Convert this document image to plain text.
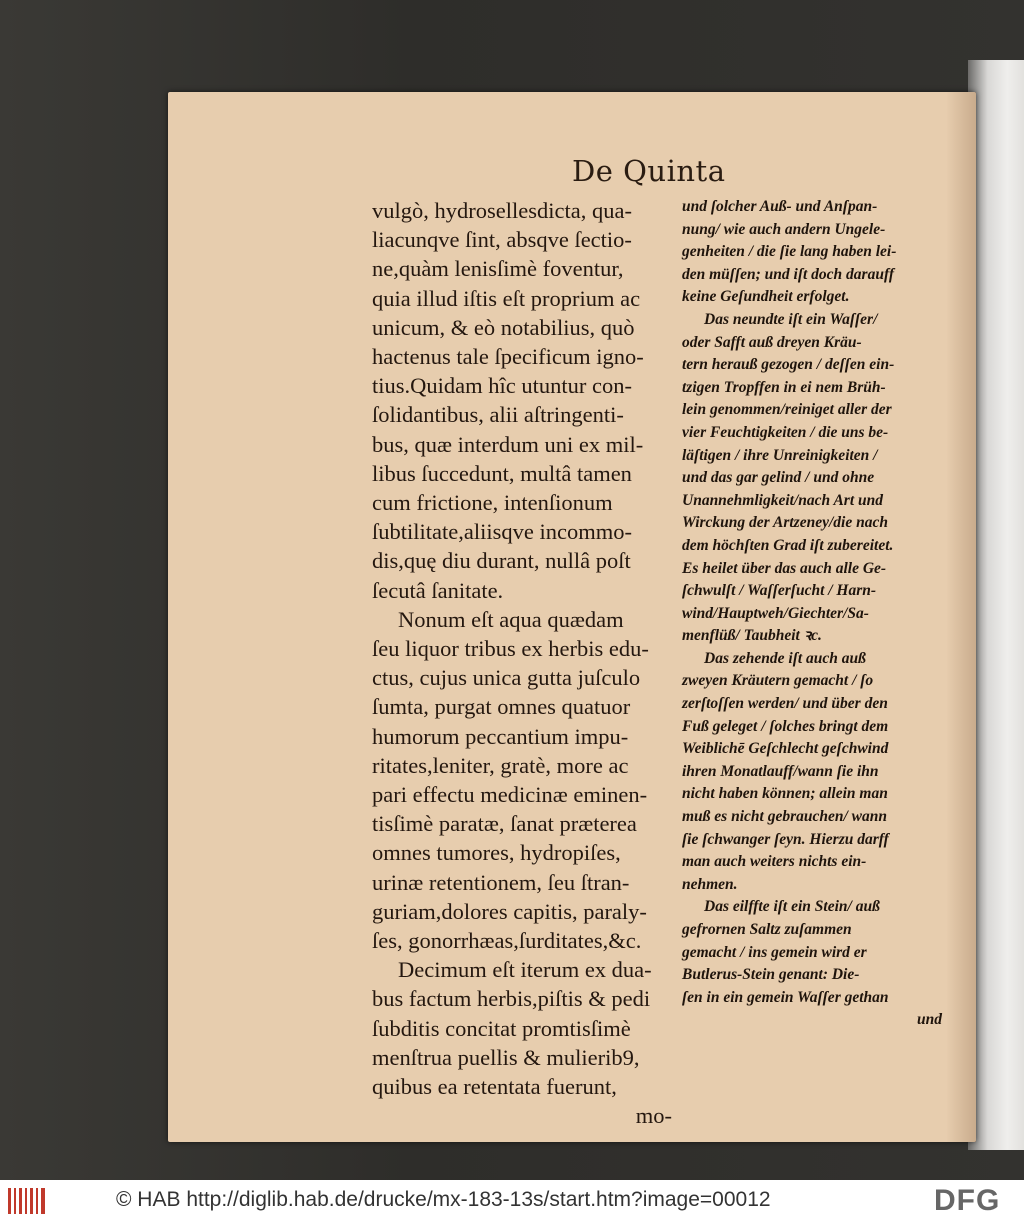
De Quinta
vulgò, hydrosellesdicta, qua-
liacunqve ſint, absqve ſectio-
ne,quàm lenisſimè foventur,
quia illud iſtis eſt proprium ac
unicum, & eò notabilius, quò
hactenus tale ſpecificum igno-
tius.Quidam hîc utuntur con-
ſolidantibus, alii aſtringenti-
bus, quæ interdum uni ex mil-
libus ſuccedunt, multâ tamen
cum frictione, intenſionum
ſubtilitate,aliisqve incommo-
dis,quę diu durant, nullâ poſt
ſecutâ ſanitate.
Nonum eſt aqua quædam
ſeu liquor tribus ex herbis edu-
ctus, cujus unica gutta juſculo
ſumta, purgat omnes quatuor
humorum peccantium impu-
ritates,leniter, gratè, more ac
pari effectu medicinæ eminen-
tisſimè paratæ, ſanat præterea
omnes tumores, hydropiſes,
urinæ retentionem, ſeu ſtran-
guriam,dolores capitis, paraly-
ſes, gonorrhæas,ſurditates,&c.
Decimum eſt iterum ex dua-
bus factum herbis,piſtis & pedi
ſubditis concitat promtisſimè
menſtrua puellis & mulierib9,
quibus ea retentata fuerunt,
mo-
und ſolcher Auß- und Anſpan-
nung/ wie auch andern Ungele-
genheiten / die ſie lang haben lei-
den müſſen; und iſt doch darauff
keine Geſundheit erfolget.
Das neundte iſt ein Waſſer/
oder Safft auß dreyen Kräu-
tern herauß gezogen / deſſen ein-
tzigen Tropffen in ei nem Brüh-
lein genommen/reiniget aller der
vier Feuchtigkeiten / die uns be-
läſtigen / ihre Unreinigkeiten /
und das gar gelind / und ohne
Unannehmligkeit/nach Art und
Wirckung der Artzeney/die nach
dem höchſten Grad iſt zubereitet.
Es heilet über das auch alle Ge-
ſchwulſt / Waſſerſucht / Harn-
wind/Hauptweh/Giechter/Sa-
menflüß/ Taubheit ꝛc.
Das zehende iſt auch auß
zweyen Kräutern gemacht / ſo
zerſtoſſen werden/ und über den
Fuß geleget / ſolches bringt dem
Weiblichē Geſchlecht geſchwind
ihren Monatlauff/wann ſie ihn
nicht haben können; allein man
muß es nicht gebrauchen/ wann
ſie ſchwanger ſeyn. Hierzu darff
man auch weiters nichts ein-
nehmen.
Das eilffte iſt ein Stein/ auß
gefrornen Saltz zuſammen
gemacht / ins gemein wird er
Butlerus-Stein genant: Die-
ſen in ein gemein Waſſer gethan
und
© HAB http://diglib.hab.de/drucke/mx-183-13s/start.htm?image=00012	DFG
